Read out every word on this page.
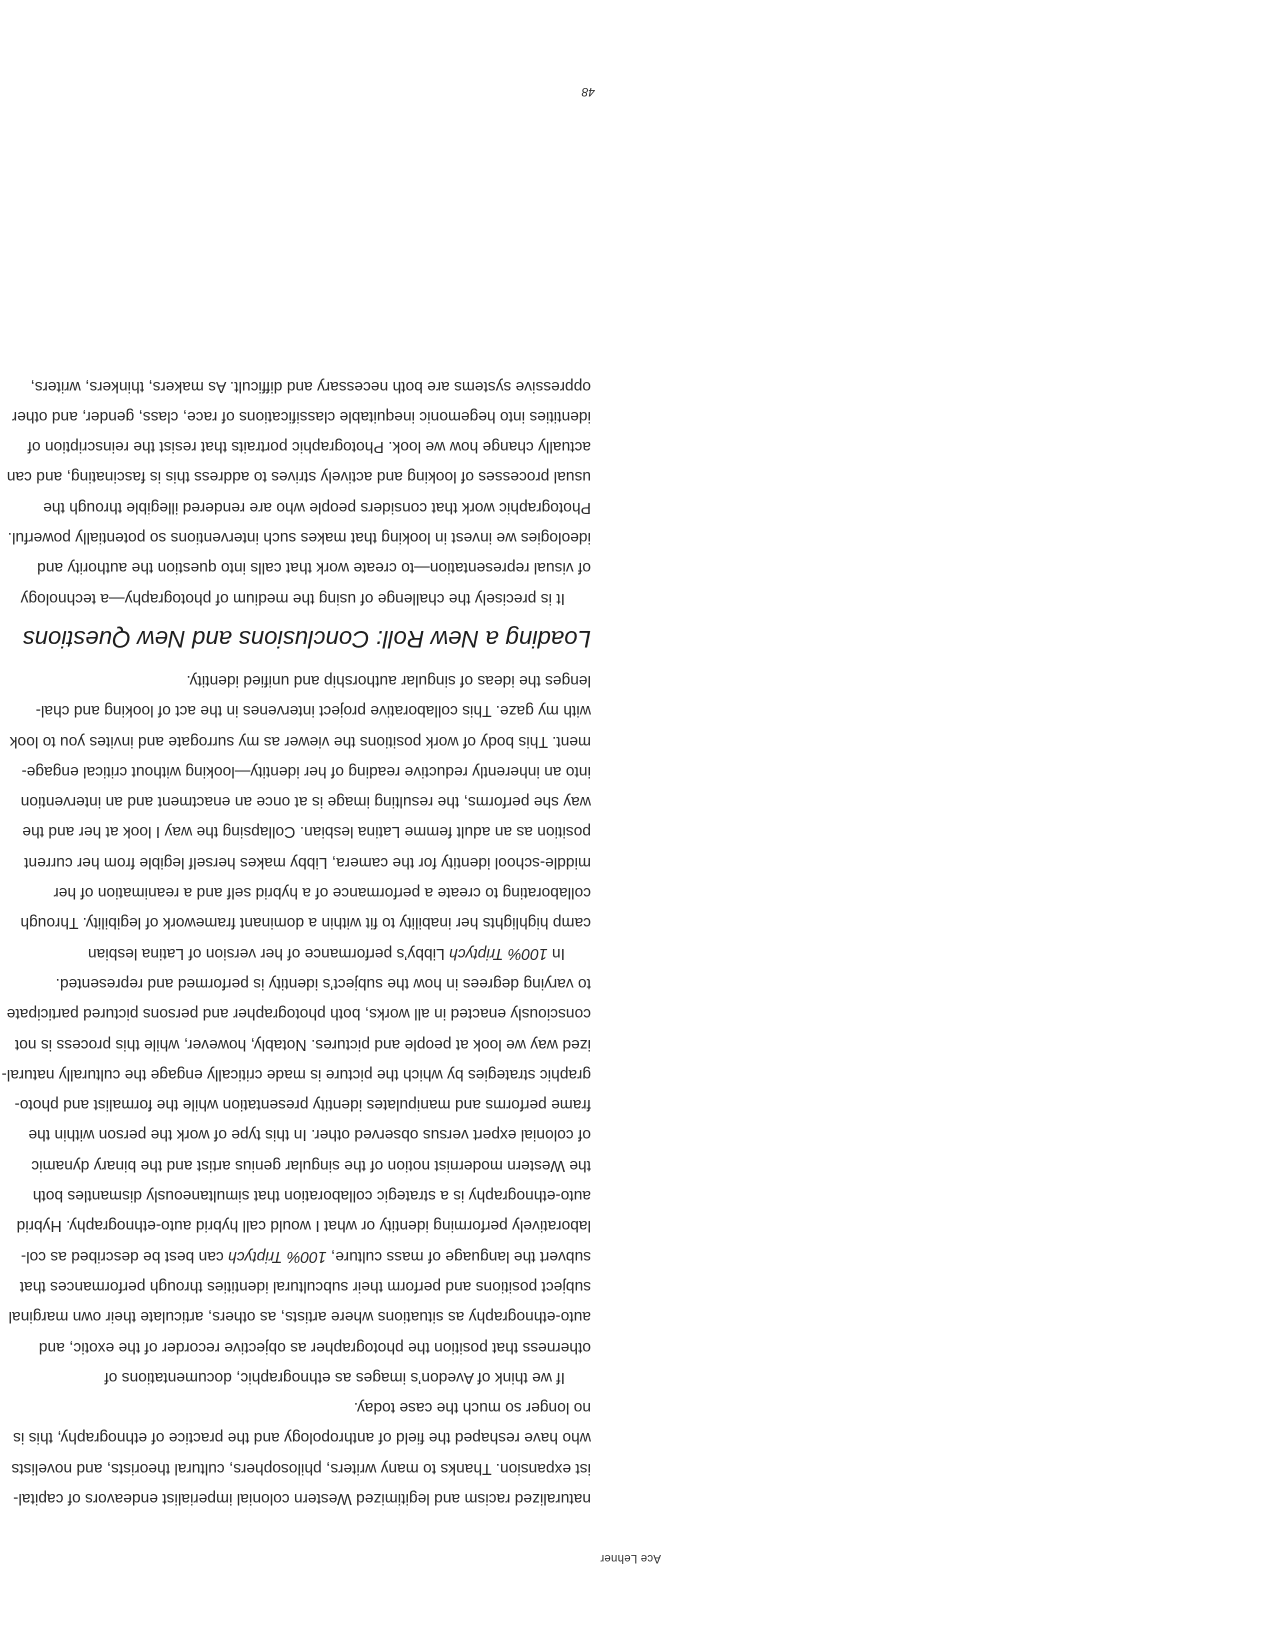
Ace Lehner
naturalized racism and legitimized Western colonial imperialist endeavors of capital-
ist expansion. Thanks to many writers, philosophers, cultural theorists, and novelists
who have reshaped the field of anthropology and the practice of ethnography, this is
no longer so much the case today.
If we think of Avedon’s images as ethnographic, documentations of
otherness that position the photographer as objective recorder of the exotic, and
auto-ethnography as situations where artists, as others, articulate their own marginal
subject positions and perform their subcultural identities through performances that
subvert the language of mass culture, 100% Triptych can best be described as col-
laboratively performing identity or what I would call hybrid auto-ethnography. Hybrid
auto-ethnography is a strategic collaboration that simultaneously dismantles both
the Western modernist notion of the singular genius artist and the binary dynamic
of colonial expert versus observed other. In this type of work the person within the
frame performs and manipulates identity presentation while the formalist and photo-
graphic strategies by which the picture is made critically engage the culturally natural-
ized way we look at people and pictures. Notably, however, while this process is not
consciously enacted in all works, both photographer and persons pictured participate
to varying degrees in how the subject’s identity is performed and represented.
In 100% Triptych Libby’s performance of her version of Latina lesbian
camp highlights her inability to fit within a dominant framework of legibility. Through
collaborating to create a performance of a hybrid self and a reanimation of her
middle-school identity for the camera, Libby makes herself legible from her current
position as an adult femme Latina lesbian. Collapsing the way I look at her and the
way she performs, the resulting image is at once an enactment and an intervention
into an inherently reductive reading of her identity—looking without critical engage-
ment. This body of work positions the viewer as my surrogate and invites you to look
with my gaze. This collaborative project intervenes in the act of looking and chal-
lenges the ideas of singular authorship and unified identity.
Loading a New Roll: Conclusions and New Questions
It is precisely the challenge of using the medium of photography—a technology
of visual representation—to create work that calls into question the authority and
ideologies we invest in looking that makes such interventions so potentially powerful.
Photographic work that considers people who are rendered illegible through the
usual processes of looking and actively strives to address this is fascinating, and can
actually change how we look. Photographic portraits that resist the reinscription of
identities into hegemonic inequitable classifications of race, class, gender, and other
oppressive systems are both necessary and difficult. As makers, thinkers, writers,
48
